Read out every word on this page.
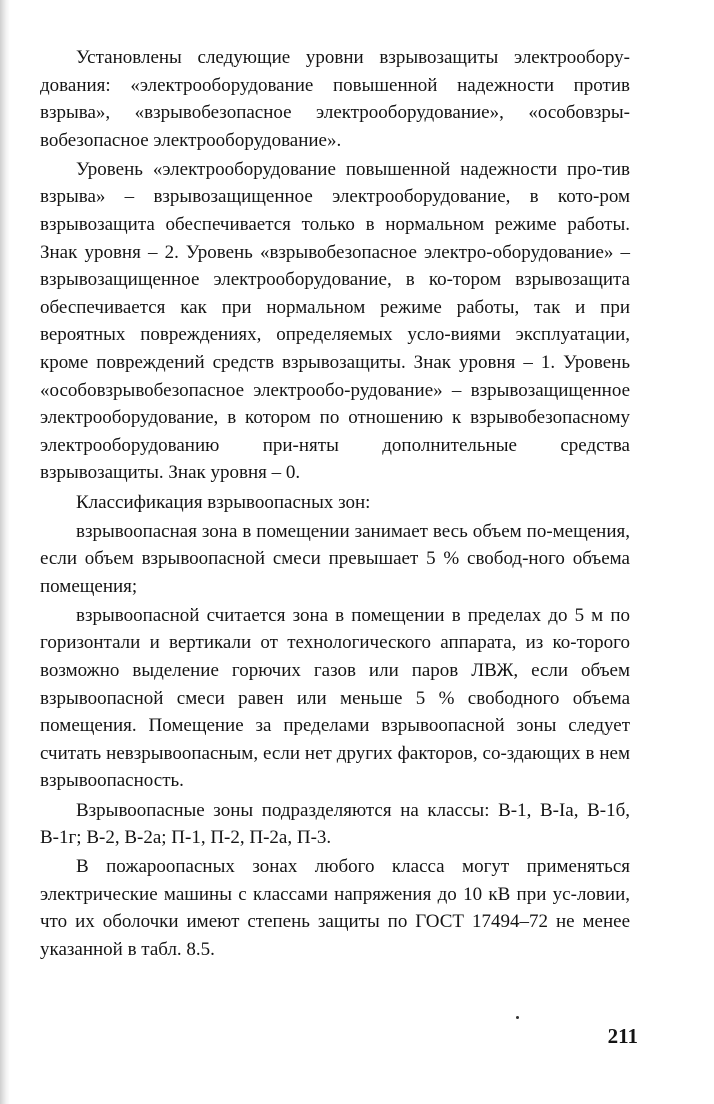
Установлены следующие уровни взрывозащиты электрообору-дования: «электрооборудование повышенной надежности против взрыва», «взрывобезопасное электрооборудование», «особовзры-вобезопасное электрооборудование».

Уровень «электрооборудование повышенной надежности про-тив взрыва» – взрывозащищенное электрооборудование, в кото-ром взрывозащита обеспечивается только в нормальном режиме работы. Знак уровня – 2. Уровень «взрывобезопасное электро-оборудование» – взрывозащищенное электрооборудование, в ко-тором взрывозащита обеспечивается как при нормальном режиме работы, так и при вероятных повреждениях, определяемых усло-виями эксплуатации, кроме повреждений средств взрывозащиты. Знак уровня – 1. Уровень «особовзрывобезопасное электрообо-рудование» – взрывозащищенное электрооборудование, в котором по отношению к взрывобезопасному электрооборудованию при-няты дополнительные средства взрывозащиты. Знак уровня – 0.

Классификация взрывоопасных зон:

взрывоопасная зона в помещении занимает весь объем по-мещения, если объем взрывоопасной смеси превышает 5 % свобод-ного объема помещения;

взрывоопасной считается зона в помещении в пределах до 5 м по горизонтали и вертикали от технологического аппарата, из ко-торого возможно выделение горючих газов или паров ЛВЖ, если объем взрывоопасной смеси равен или меньше 5 % свободного объема помещения. Помещение за пределами взрывоопасной зоны следует считать невзрывоопасным, если нет других факторов, со-здающих в нем взрывоопасность.

Взрывоопасные зоны подразделяются на классы: В-1, В-Iа, В-1б, В-1г; В-2, В-2а; П-1, П-2, П-2а, П-3.

В пожароопасных зонах любого класса могут применяться электрические машины с классами напряжения до 10 кВ при ус-ловии, что их оболочки имеют степень защиты по ГОСТ 17494–72 не менее указанной в табл. 8.5.

211
